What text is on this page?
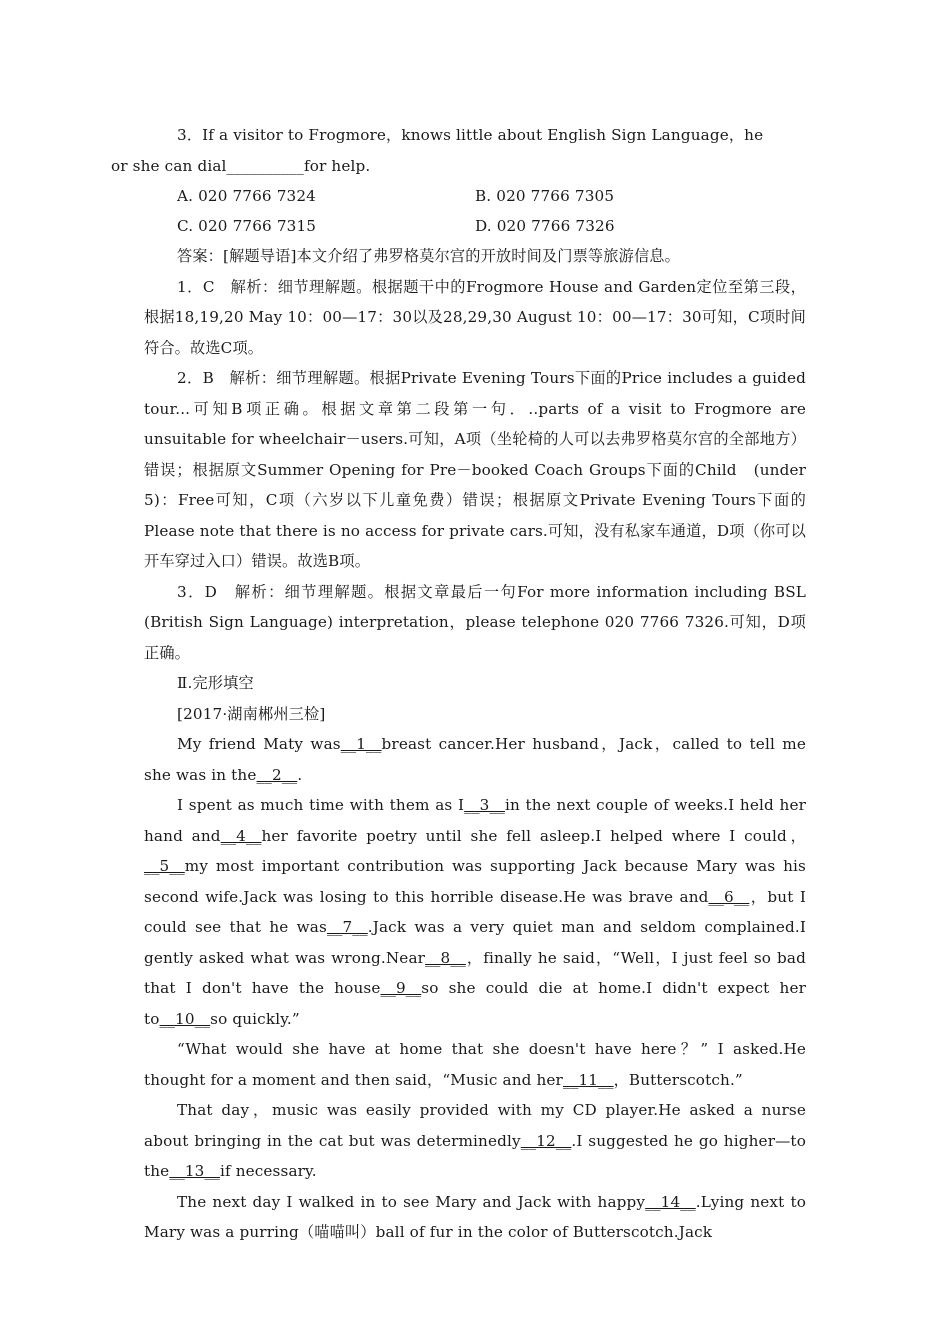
3．If a visitor to Frogmore，knows little about English Sign Language，he
or she can dial__________for help.

A. 020 7766 7324	B. 020 7766 7305
C. 020 7766 7315	D. 020 7766 7326

答案：[解题导语]本文介绍了弗罗格莫尔宫的开放时间及门票等旅游信息。

1．C　解析：细节理解题。根据题干中的Frogmore House and Garden定位至第三段，根据18,19,20 May 10：00—17：30以及28,29,30 August 10：00—17：30可知，C项时间符合。故选C项。

2．B　解析：细节理解题。根据Private Evening Tours下面的Price includes a guided tour...可知B项正确。根据文章第二段第一句．..parts of a visit to Frogmore are unsuitable for wheelchair－users.可知，A项（坐轮椅的人可以去弗罗格莫尔宫的全部地方）错误；根据原文Summer Opening for Pre－booked Coach Groups下面的Child　(under 5)：Free可知，C项（六岁以下儿童免费）错误；根据原文Private Evening Tours下面的Please note that there is no access for private cars.可知，没有私家车通道，D项（你可以开车穿过入口）错误。故选B项。

3．D　解析：细节理解题。根据文章最后一句For more information including BSL (British Sign Language) interpretation，please telephone 020 7766 7326.可知，D项正确。

Ⅱ.完形填空

[2017·湖南郴州三检]

My friend Maty was__1__breast cancer.Her husband，Jack，called to tell me she was in the__2__.

I spent as much time with them as I__3__in the next couple of weeks.I held her hand and__4__her favorite poetry until she fell asleep.I helped where I could，__5__my most important contribution was supporting Jack because Mary was his second wife.Jack was losing to this horrible disease.He was brave and__6__，but I could see that he was__7__.Jack was a very quiet man and seldom complained.I gently asked what was wrong.Near__8__，finally he said，“Well，I just feel so bad that I don't have the house__9__so she could die at home.I didn't expect her to__10__so quickly.”

“What would she have at home that she doesn't have here？” I asked.He thought for a moment and then said，“Music and her__11__，Butterscotch.”

That day，music was easily provided with my CD player.He asked a nurse about bringing in the cat but was determinedly__12__.I suggested he go higher—to the__13__if necessary.

The next day I walked in to see Mary and Jack with happy__14__.Lying next to Mary was a purring（喵喵叫）ball of fur in the color of Butterscotch.Jack
